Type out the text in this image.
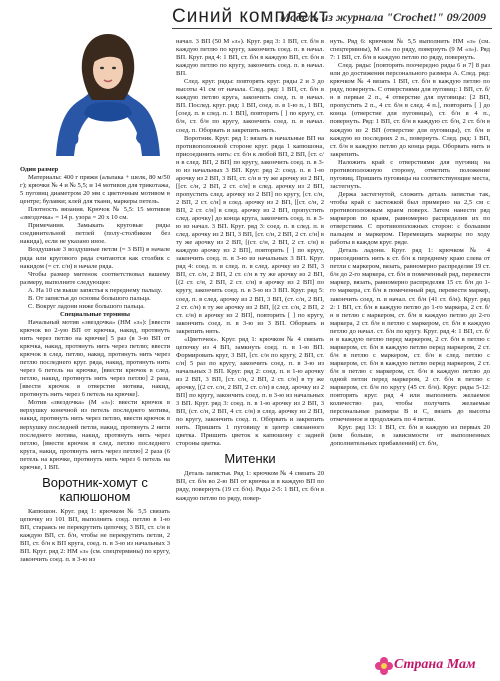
Синий комплект
Модель из журнала "Crochet!" 09/2009

Один размер

Материалы: 400 г пряжи (альпака + шелк, 80 м/50 г); крючки № 4 и № 5,5; и 14 мотивов для трикотажа, 5 пуговиц диаметром 20 мм с цветочным мотивом в центре; булавки; клей для ткани, маркеры петель.

Плотность вязания. Крючок № 5,5: 15 мотивов «звездочка» = 14 р. узора = 20 х 10 см.

Примечания. Замыкать круговые ряды соединительной петлей (полу-столбиком без накида), если не указано иное.

Воздушные 3 воздушные петли (= 3 ВП) в начале ряда или кругового ряда считаются как столбик с накидом (= ст. с/н) в начале ряда.

Чтобы размер митенок соответствовал вашему размеру, выполните следующее:

А. На 10 см выше запястья к переднему пальцу.

В. От запястья до основы большого пальца.

С. Вокруг ладони ниже большого пальца.

Специальные термины

Начальный мотив «звездочка» (НМ «з»): [ввести крючок во 2-ую ВП от крючка, накид, протянуть нить через петлю на крючке] 5 раз (в 3-ю ВП от крючка, накид, протянуть нить через петлю; ввести крючок в след. петлю, накид, протянуть нить через петлю последнего круг. ряда, накид, протянуть нить через 6 петель на крючке, [ввести крючок в след. петлю, накид, протянуть нить через петлю] 2 раза, [ввести крючок в отверстие мотива, накид, протянуть нить через 6 петель на крючке].

Мотив «звездочка» (М «з»): ввести крючок в верхушку конечной из петель последнего мотива, накид, протянуть нить через петлю, ввести крючок в верхушку последней петли, накид, протянуть 2 нити последнего мотива, накид, протянуть нить через петлю, [ввести крючок в след. петлю последнего круга, накид, протянуть нить через петлю] 2 раза (6 петель на крючке, протянуть нить через 6 петель на крючке, 1 ВП.

Воротник-хомут с капюшоном

Капюшон. Круг. ряд 1: крючком № 5,5 связать цепочку из 101 ВП, выполнить соед. петлю в 1-ю ВП, стараясь не перекрутить цепочку, 3 ВП, ст. с/н в каждую ВП, ст. б/н, чтобы не перекрутить петли, 2 ВП, ст. б/н к ВП круга, соед. п. в 3-ю из начальных 3 ВП. Круг. ряд 2: НМ «з» (см. спецтермины) по кругу, закончить соед. п. в 3-ю из

начал. 3 ВП (50 М «з»). Круг. ряд 3: 1 ВП, ст. б/н в каждую петлю по кругу, закончить соед. п. в начал. ВП. Круг. ряд 4: 1 ВП, ст. б/н в каждую ВП, ст. б/н в каждую петлю по кругу, закончить соед. п. в начал. ВП.

След. круг. ряды: повторять круг. ряды 2 и 3 до высоты 41 см от начала. След. ряд: 1 ВП, ст. б/н в каждую петлю круга, закончить соед. п. в начал. ВП. Послед. круг. ряд: 1 ВП, соед. п. в 1-ю п., 1 ВП, [соед. п. в след. п. 1 ВП], повторить [ ] по кругу, ст. б/н, ст. б/н по кругу, закончить соед. п. в начал. соед. п. Оборвать и закрепить нить.

Воротник. Круг. ряд 1: вязать в начальные ВП на противоположной стороне круг. ряда 1 капюшона, присоединить нить: ст. б/н к любой ВП, 2 ВП, [ст. с/н в след. ВП, 2 ВП] по кругу, закончить соед. п. в 3-ю из начальных 3 ВП. Круг. ряд 2: соед. п. в 1-ю арочку из 2 ВП, 3 ВП, ст. с/н в ту же арочку из 2 ВП, [[ст. с/н, 2 ВП, 2 ст. с/н] в след. арочку из 2 ВП, пропустить след. арочку из 2 ВП] по кругу, [ст. с/н, 2 ВП, 2 ст. с/н] в след. арочку из 2 ВП, [[ст. с/н, 2 ВП, 2 ст. с/н] в след. арочку из 2 ВП, пропустить след. арочку] до конца круга, закончить соед. п. в 3-ю из начал. 3 ВП. Круг. ряд 3: соед. п. в след. п. в след. арочку из 2 ВП, 3 ВП, [ст. с/н, 2 ВП, 2 ст. с/н] в ту же арочку из 2 ВП, [(ст. с/н, 2 ВП, 2 ст. с/н) в каждую арочку из 2 ВП], повторить [ ] по кругу, закончить соед. п. в 3-ю из начальных 3 ВП. Круг. ряд 4: соед. п. в след. п. в след. арочку из 2 ВП, 3 ВП, ст. с/н, 2 ВП, 2 ст. с/н в ту же арочку из 2 ВП, [(2 ст. с/н, 2 ВП, 2 ст. с/н) в арочку из 2 ВП] по кругу, закончить соед. п. в 3-ю из 3 ВП. Круг. ряд 5: соед. п. в след. арочку из 2 ВП, 3 ВП, (ст. с/н, 2 ВП, 2 ст. с/н) в ту же арочку из 2 ВП, [(2 ст. с/н, 2 ВП, 2 ст. с/н) в арочку из 2 ВП], повторить [ ] по кругу, закончить соед. п. в 3-ю из 3 ВП. Оборвать и закрепить нить.

«Цветочек». Круг. ряд 1: крючком № 4 связать цепочку из 4 ВП, замкнуть соед. п. в 1-ю ВП. Формировать круг, 3 ВП, [ст. с/н по кругу, 2 ВП, ст. с/н] 5 раз по кругу, закончить соед. п. в 3-ю из начальных 3 ВП. Круг. ряд 2: соед. п. в 1-ю арочку из 2 ВП, 3 ВП, [ст. с/н, 2 ВП, 2 ст. с/н] в ту же арочку, [(2 ст. с/н, 2 ВП, 2 ст. с/н) в след. арочку из 2 ВП] по кругу, закончить соед. п. в 3-ю из начальных 3 ВП. Круг. ряд 3: соед. п. в 1-ю арочку из 2 ВП, 3 ВП, (ст. с/н, 2 ВП, 4 ст. с/н) в след. арочку из 2 ВП, по кругу, закончить соед. п. Оборвать и закрепить нить. Пришить 1 пуговицу в центр связанного цветка. Пришить цветок к капюшону с задней стороны цветка.

Митенки

Деталь запястья. Ряд 1: крючком № 4 связать 20 ВП, ст. б/н во 2-ю ВП от крючка и в каждую ВП по ряду, повернуть (19 ст. б/н). Ряды 2-5: 1 ВП, ст. б/н в каждую петлю по ряду, повер-

нуть. Ряд 6: крючком № 5,5 выполнить НМ «з» (см. спецтермины), М «з» по ряду, повернуть (9 М «з»). Ряд 7: 1 ВП, ст. б/н в каждую петлю по ряду, повернуть.

След. ряды: [повторять поочередно ряды 6 и 7] 8 раз или до достижения персонального размера А. След. ряд: крючком № 4 вязать 1 ВП, ст. б/н в каждую петлю по ряду, повернуть. С отверстиями для пуговиц: 1 ВП, ст. б/н в первые 2 п., 4 отверстие для пуговицы: [2 ВП, пропустить 2 п., 4 ст. б/н в след. 4 п.], повторить [ ] до конца (отверстие для пуговицы), ст. б/н в 4 п., повернуть. Ряд: 1 ВП, ст. б/н в каждую ст. б/н, 2 ст. б/н в каждую из 2 ВП (отверстие для пуговицы), ст. б/н в каждую из последних 2 п., повернуть. След. ряд: 1 ВП, ст. б/н в каждую петлю до конца ряда. Оборвать нить и закрепить.

Наложить край с отверстиями для пуговиц на противоположную сторону, отметить положение пуговиц. Пришить пуговицы на соответствующие места, застегнуть.

Держа застегнутой, сложить деталь запястья так, чтобы край с застежкой был примерно на 2,5 см с противоположным краем поверх. Затем нанести ряд маркеров по краям, равномерно распределив их по отверстиям. С противоположных сторон: с большим пальцем и маркером. Перемещать маркеры по ходу работы в каждом круг. ряде.

Деталь ладони. Круг. ряд 1: крючком № 4 присоединить нить к ст. б/н к переднему краю слева от петли с маркером, вязать, равномерно распределяя 19 ст. б/н до 2-го маркера, ст. б/н в помеченный ряд, перевести маркер, вязать, равномерно распределяя 15 ст. б/н до 1-го маркера, ст. б/н в помеченный ряд, перевести маркер, закончить соед. п. в начал. ст. б/н (41 ст. б/н). Круг. ряд 2: 1 ВП, ст. б/н в каждую петлю до 1-го маркера, 2 ст. б/н в петлю с маркером, ст. б/н в каждую петлю до 2-го маркера, 2 ст. б/н в петлю с маркером, ст. б/н в каждую петлю до начал. ст. б/н по кругу. Круг. ряд 4: 1 ВП, ст. б/н в каждую петлю перед маркером, 2 ст. б/н в петлю с маркером, ст. б/н в каждую петлю перед маркером, 2 ст. б/н в петлю с маркером, ст. б/н в след. петлю с маркером, ст. б/н в каждую петлю перед маркером, 2 ст. б/н в петлю с маркером, ст. б/н в каждую петлю до одной петли перед маркером, 2 ст. б/н в петлю с маркером, ст. б/н по кругу (45 ст. б/н). Круг. ряды 5-12: повторять круг. ряд 4 или выполнить желаемое количество раз, чтобы получить желаемые персональные размеры В и С, вязать до высоты отмеченное и продолжать по 4 петли.

Круг. ряд 13: 1 ВП, ст. б/н в каждую из первых 20 (или больше, в зависимости от выполненных дополнительных прибавлений) ст. б/н,

Страна Мам
